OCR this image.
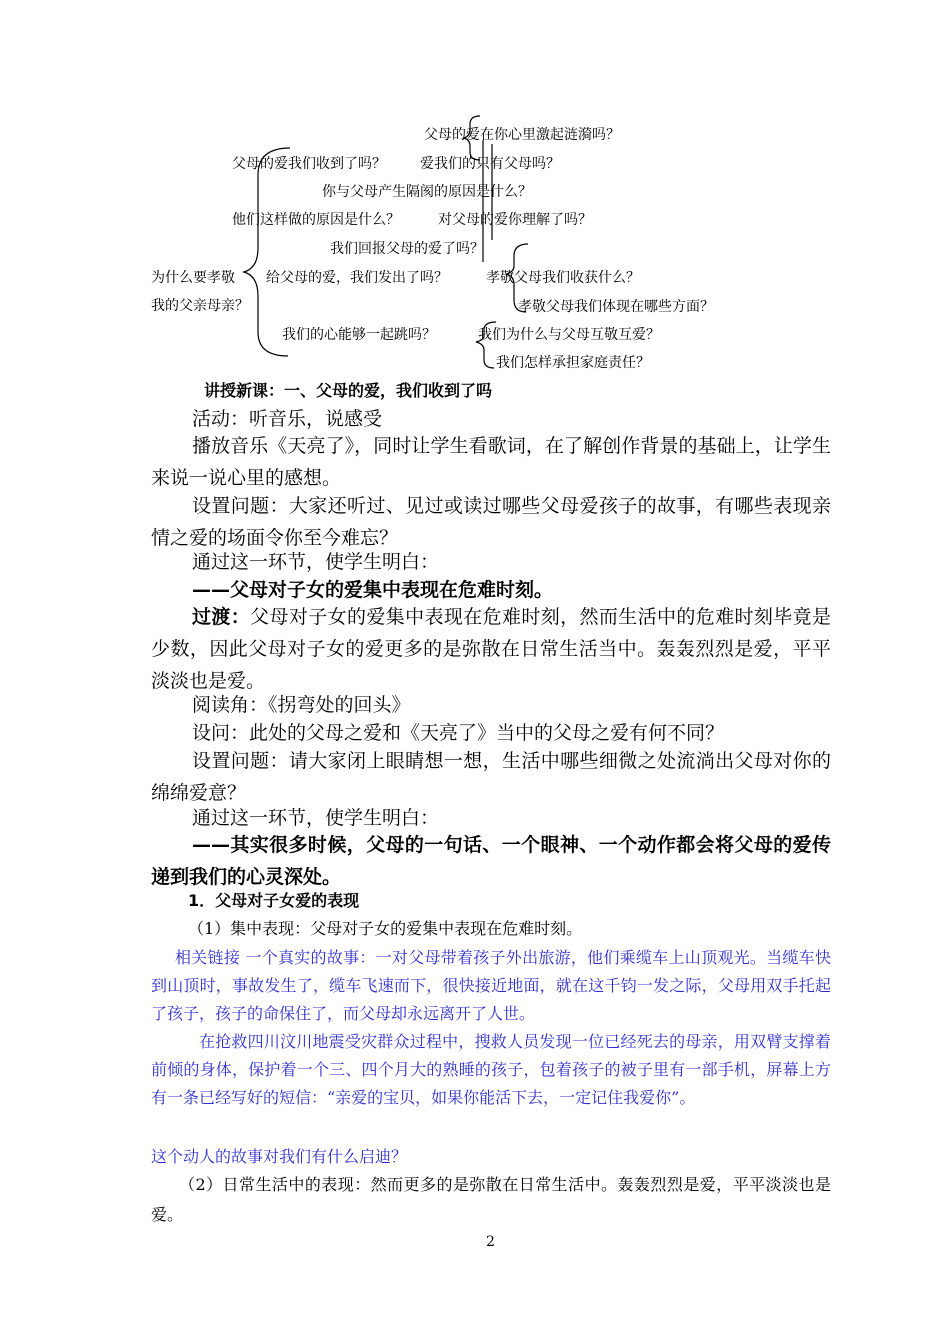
父母的爱在你心里激起涟漪吗？
父母的爱我们收到了吗？ 爱我们的只有父母吗？
你与父母产生隔阂的原因是什么？
他们这样做的原因是什么？	对父母的爱你理解了吗？
我们回报父母的爱了吗？
为什么要孝敬
我的父亲母亲？
给父母的爱，我们发出了吗？	孝敬父母我们收获什么？
孝敬父母我们体现在哪些方面？
我们的心能够一起跳吗？	我们为什么与父母互敬互爱？
我们怎样承担家庭责任？
讲授新课：一、父母的爱，我们收到了吗
活动：听音乐，说感受
播放音乐《天亮了》，同时让学生看歌词，在了解创作背景的基础上，让学生来说一说心里的感想。
设置问题：大家还听过、见过或读过哪些父母爱孩子的故事，有哪些表现亲情之爱的场面令你至今难忘？
通过这一环节，使学生明白：
——父母对子女的爱集中表现在危难时刻。
过渡：父母对子女的爱集中表现在危难时刻，然而生活中的危难时刻毕竟是少数，因此父母对子女的爱更多的是弥散在日常生活当中。轰轰烈烈是爱，平平淡淡也是爱。
阅读角：《拐弯处的回头》
设问：此处的父母之爱和《天亮了》当中的父母之爱有何不同？
设置问题：请大家闭上眼睛想一想，生活中哪些细微之处流淌出父母对你的绵绵爱意？
通过这一环节，使学生明白：
——其实很多时候，父母的一句话、一个眼神、一个动作都会将父母的爱传递到我们的心灵深处。
1．父母对子女爱的表现
（1）集中表现：父母对子女的爱集中表现在危难时刻。
相关链接 一个真实的故事：一对父母带着孩子外出旅游，他们乘缆车上山顶观光。当缆车快到山顶时，事故发生了，缆车飞速而下，很快接近地面，就在这千钧一发之际，父母用双手托起了孩子，孩子的命保住了，而父母却永远离开了人世。
在抢救四川汶川地震受灾群众过程中，搜救人员发现一位已经死去的母亲，用双臂支撑着前倾的身体，保护着一个三、四个月大的熟睡的孩子，包着孩子的被子里有一部手机，屏幕上方有一条已经写好的短信：“亲爱的宝贝，如果你能活下去，一定记住我爱你”。
这个动人的故事对我们有什么启迪？
（2）日常生活中的表现：然而更多的是弥散在日常生活中。轰轰烈烈是爱，平平淡淡也是爱。
2
